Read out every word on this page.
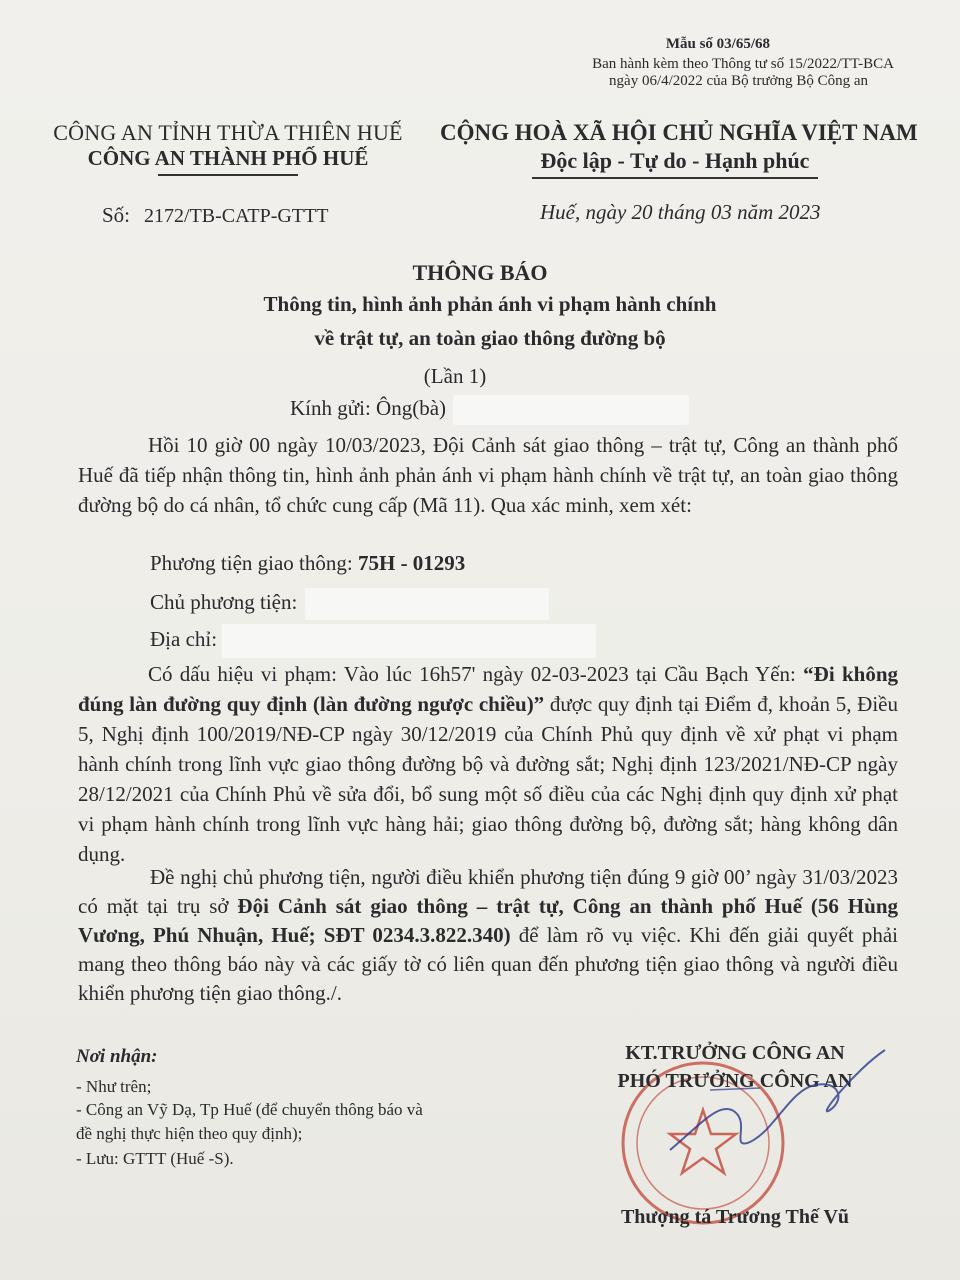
Mẫu số 03/65/68
Ban hành kèm theo Thông tư số 15/2022/TT-BCA
ngày 06/4/2022 của Bộ trưởng Bộ Công an
CÔNG AN TỈNH THỪA THIÊN HUẾ
CÔNG AN THÀNH PHỐ HUẾ
CỘNG HOÀ XÃ HỘI CHỦ NGHĨA VIỆT NAM
Độc lập - Tự do - Hạnh phúc
Số: 2172/TB-CATP-GTTT	Huế, ngày 20 tháng 03 năm 2023
THÔNG BÁO
Thông tin, hình ảnh phản ánh vi phạm hành chính
về trật tự, an toàn giao thông đường bộ
(Lần 1)
Kính gửi: Ông(bà)
Hồi 10 giờ 00 ngày 10/03/2023, Đội Cảnh sát giao thông – trật tự, Công an thành phố Huế đã tiếp nhận thông tin, hình ảnh phản ánh vi phạm hành chính về trật tự, an toàn giao thông đường bộ do cá nhân, tổ chức cung cấp (Mã 11). Qua xác minh, xem xét:
Phương tiện giao thông: 75H - 01293
Chủ phương tiện:
Địa chỉ:
Có dấu hiệu vi phạm: Vào lúc 16h57' ngày 02-03-2023 tại Cầu Bạch Yến: “Đi không đúng làn đường quy định (làn đường ngược chiều)” được quy định tại Điểm đ, khoản 5, Điều 5, Nghị định 100/2019/NĐ-CP ngày 30/12/2019 của Chính Phủ quy định về xử phạt vi phạm hành chính trong lĩnh vực giao thông đường bộ và đường sắt; Nghị định 123/2021/NĐ-CP ngày 28/12/2021 của Chính Phủ về sửa đổi, bổ sung một số điều của các Nghị định quy định xử phạt vi phạm hành chính trong lĩnh vực hàng hải; giao thông đường bộ, đường sắt; hàng không dân dụng.
Đề nghị chủ phương tiện, người điều khiển phương tiện đúng 9 giờ 00’ ngày 31/03/2023 có mặt tại trụ sở Đội Cảnh sát giao thông – trật tự, Công an thành phố Huế (56 Hùng Vương, Phú Nhuận, Huế; SĐT 0234.3.822.340) để làm rõ vụ việc. Khi đến giải quyết phải mang theo thông báo này và các giấy tờ có liên quan đến phương tiện giao thông và người điều khiển phương tiện giao thông./.
Nơi nhận:
- Như trên;
- Công an Vỹ Dạ, Tp Huế (để chuyển thông báo và
đề nghị thực hiện theo quy định);
- Lưu: GTTT (Huế -S).
KT.TRƯỞNG CÔNG AN
PHÓ TRƯỞNG CÔNG AN
Thượng tá Trương Thế Vũ
